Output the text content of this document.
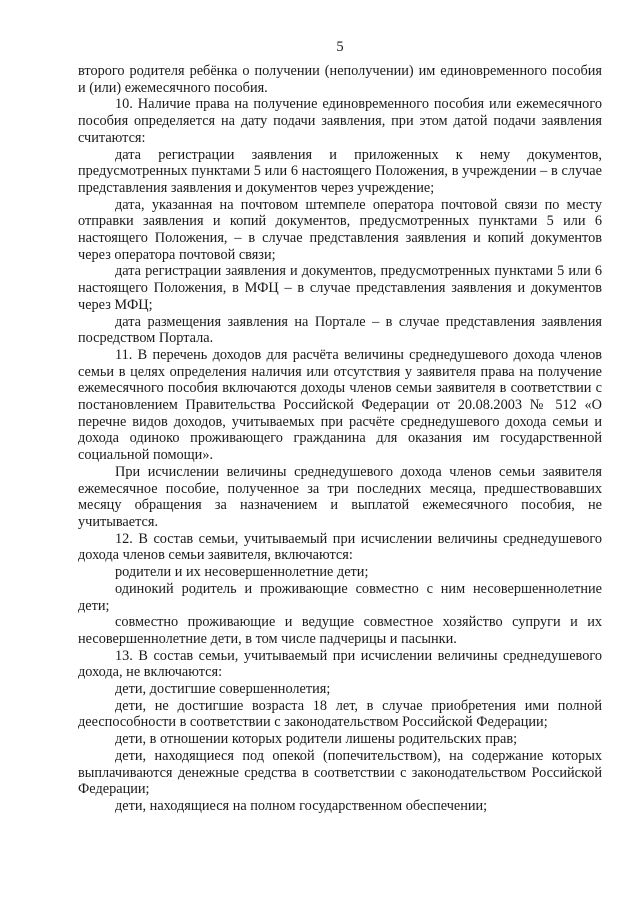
5

второго родителя ребёнка о получении (неполучении) им единовременного пособия и (или) ежемесячного пособия.

10. Наличие права на получение единовременного пособия или ежемесячного пособия определяется на дату подачи заявления, при этом датой подачи заявления считаются:

дата регистрации заявления и приложенных к нему документов, предусмотренных пунктами 5 или 6 настоящего Положения, в учреждении – в случае представления заявления и документов через учреждение;

дата, указанная на почтовом штемпеле оператора почтовой связи по месту отправки заявления и копий документов, предусмотренных пунктами 5 или 6 настоящего Положения, – в случае представления заявления и копий документов через оператора почтовой связи;

дата регистрации заявления и документов, предусмотренных пунктами 5 или 6 настоящего Положения, в МФЦ – в случае представления заявления и документов через МФЦ;

дата размещения заявления на Портале – в случае представления заявления посредством Портала.

11. В перечень доходов для расчёта величины среднедушевого дохода членов семьи в целях определения наличия или отсутствия у заявителя права на получение ежемесячного пособия включаются доходы членов семьи заявителя в соответствии с постановлением Правительства Российской Федерации от 20.08.2003 № 512 «О перечне видов доходов, учитываемых при расчёте среднедушевого дохода семьи и дохода одиноко проживающего гражданина для оказания им государственной социальной помощи».

При исчислении величины среднедушевого дохода членов семьи заявителя ежемесячное пособие, полученное за три последних месяца, предшествовавших месяцу обращения за назначением и выплатой ежемесячного пособия, не учитывается.

12. В состав семьи, учитываемый при исчислении величины среднедушевого дохода членов семьи заявителя, включаются:

родители и их несовершеннолетние дети;

одинокий родитель и проживающие совместно с ним несовершеннолетние дети;

совместно проживающие и ведущие совместное хозяйство супруги и их несовершеннолетние дети, в том числе падчерицы и пасынки.

13. В состав семьи, учитываемый при исчислении величины среднедушевого дохода, не включаются:

дети, достигшие совершеннолетия;

дети, не достигшие возраста 18 лет, в случае приобретения ими полной дееспособности в соответствии с законодательством Российской Федерации;

дети, в отношении которых родители лишены родительских прав;

дети, находящиеся под опекой (попечительством), на содержание которых выплачиваются денежные средства в соответствии с законодательством Российской Федерации;

дети, находящиеся на полном государственном обеспечении;
